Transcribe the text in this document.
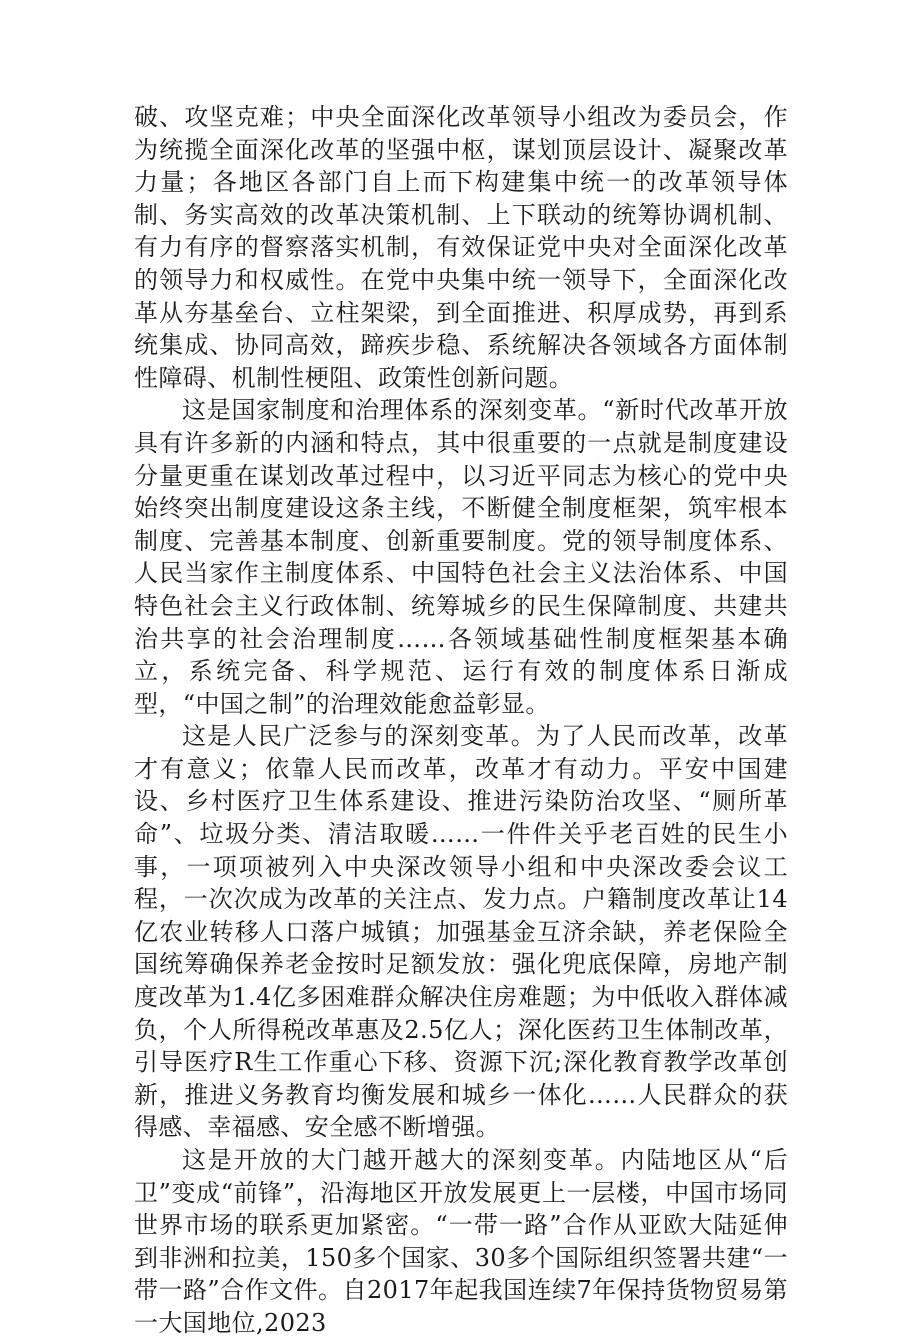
破、攻坚克难；中央全面深化改革领导小组改为委员会，作为统揽全面深化改革的坚强中枢，谋划顶层设计、凝聚改革力量；各地区各部门自上而下构建集中统一的改革领导体制、务实高效的改革决策机制、上下联动的统筹协调机制、有力有序的督察落实机制，有效保证党中央对全面深化改革的领导力和权威性。在党中央集中统一领导下，全面深化改革从夯基垒台、立柱架梁，到全面推进、积厚成势，再到系统集成、协同高效，蹄疾步稳、系统解决各领域各方面体制性障碍、机制性梗阻、政策性创新问题。

这是国家制度和治理体系的深刻变革。“新时代改革开放具有许多新的内涵和特点，其中很重要的一点就是制度建设分量更重在谋划改革过程中，以习近平同志为核心的党中央始终突出制度建设这条主线，不断健全制度框架，筑牢根本制度、完善基本制度、创新重要制度。党的领导制度体系、人民当家作主制度体系、中国特色社会主义法治体系、中国特色社会主义行政体制、统筹城乡的民生保障制度、共建共治共享的社会治理制度……各领域基础性制度框架基本确立，系统完备、科学规范、运行有效的制度体系日渐成型，“中国之制”的治理效能愈益彰显。

这是人民广泛参与的深刻变革。为了人民而改革，改革才有意义；依靠人民而改革，改革才有动力。平安中国建设、乡村医疗卫生体系建设、推进污染防治攻坚、“厕所革命”、垃圾分类、清洁取暖……一件件关乎老百姓的民生小事，一项项被列入中央深改领导小组和中央深改委会议工程，一次次成为改革的关注点、发力点。户籍制度改革让14亿农业转移人口落户城镇；加强基金互济余缺，养老保险全国统筹确保养老金按时足额发放：强化兜底保障，房地产制度改革为1.4亿多困难群众解决住房难题；为中低收入群体减负，个人所得税改革惠及2.5亿人；深化医药卫生体制改革，引导医疗R生工作重心下移、资源下沉;深化教育教学改革创新，推进义务教育均衡发展和城乡一体化……人民群众的获得感、幸福感、安全感不断增强。

这是开放的大门越开越大的深刻变革。内陆地区从“后卫”变成“前锋”，沿海地区开放发展更上一层楼，中国市场同世界市场的联系更加紧密。“一带一路”合作从亚欧大陆延伸到非洲和拉美，150多个国家、30多个国际组织签署共建“一带一路”合作文件。自2017年起我国连续7年保持货物贸易第一大国地位,2023
